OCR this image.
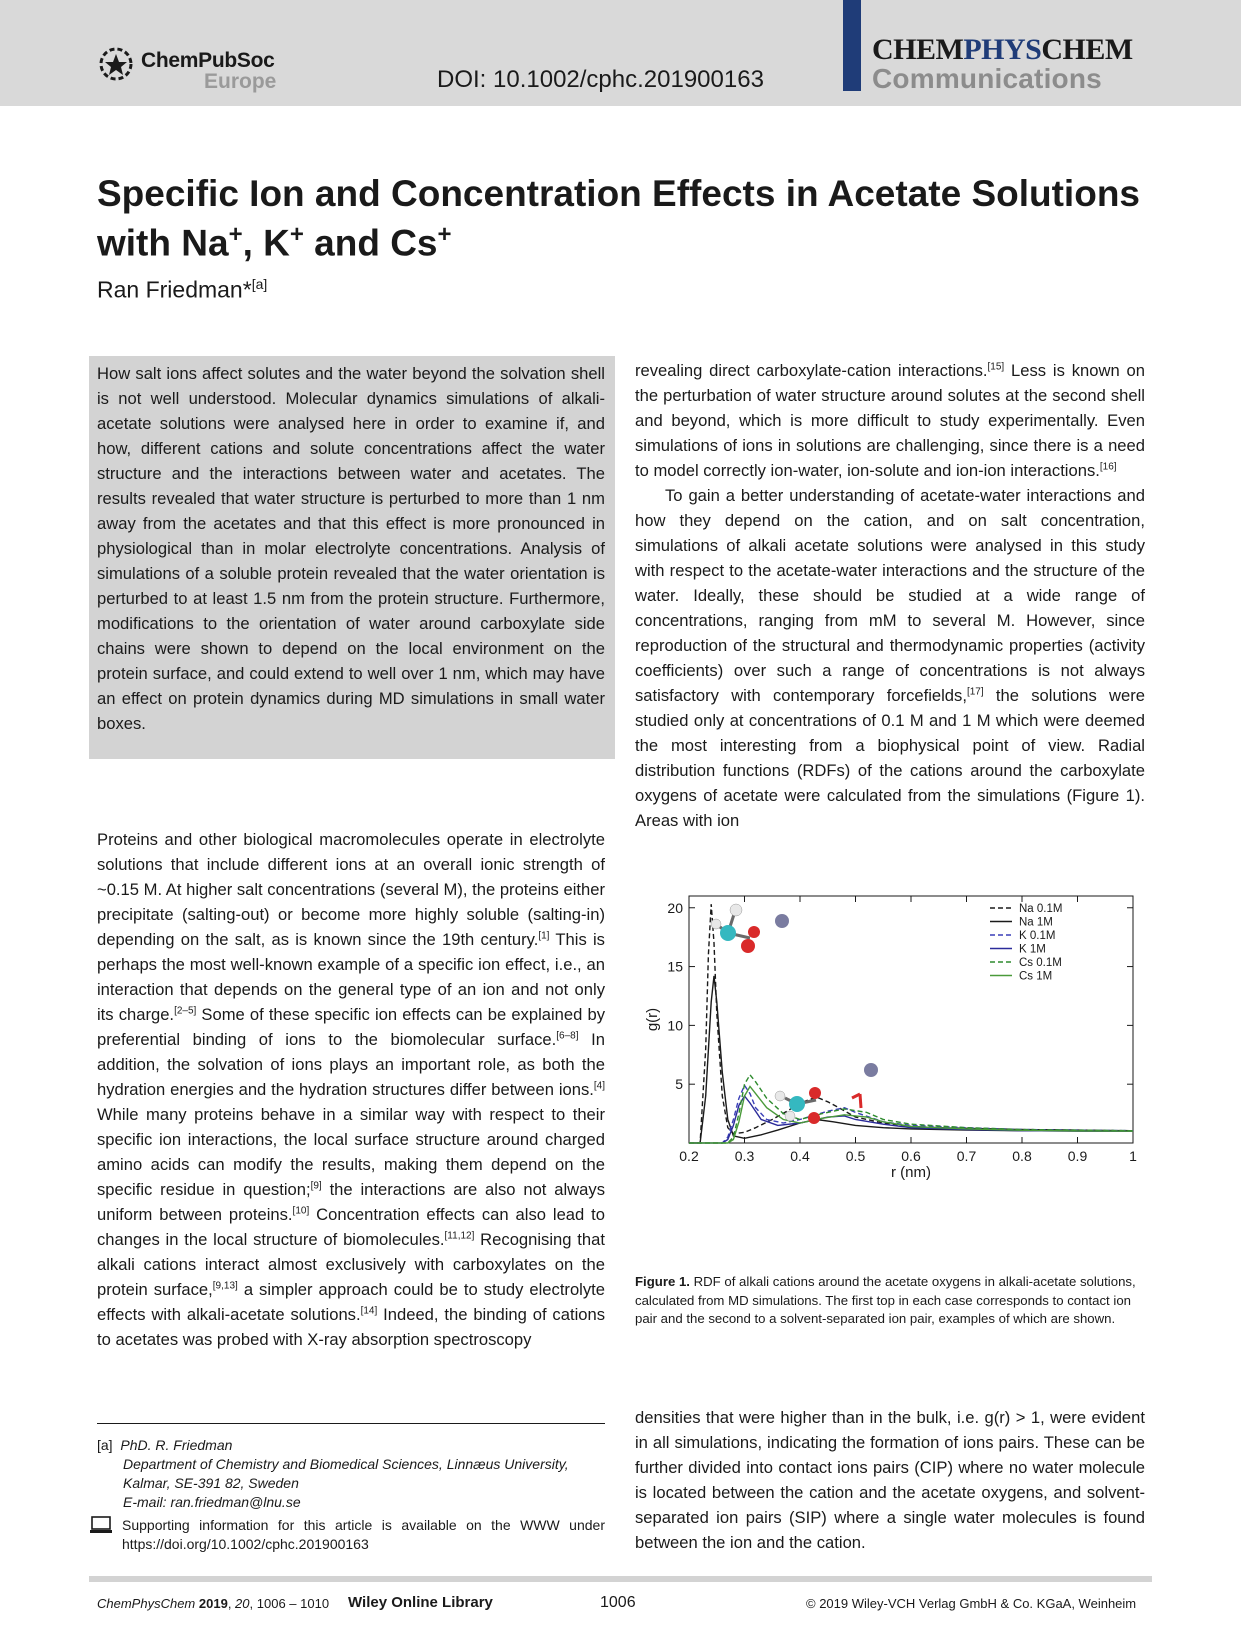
ChemPubSoc
Europe	DOI: 10.1002/cphc.201900163
CHEMPHYSCHEM
Communications
Specific Ion and Concentration Effects in Acetate Solutions
with Na+, K+ and Cs+
Ran Friedman*[a]
How salt ions affect solutes and the water beyond the solvation shell is not well understood. Molecular dynamics simulations of alkali-acetate solutions were analysed here in order to examine if, and how, different cations and solute concentrations affect the water structure and the interactions between water and acetates. The results revealed that water structure is perturbed to more than 1 nm away from the acetates and that this effect is more pronounced in physiological than in molar electrolyte concentrations. Analysis of simulations of a soluble protein revealed that the water orientation is perturbed to at least 1.5 nm from the protein structure. Furthermore, modifications to the orientation of water around carboxylate side chains were shown to depend on the local environment on the protein surface, and could extend to well over 1 nm, which may have an effect on protein dynamics during MD simulations in small water boxes.

Proteins and other biological macromolecules operate in electrolyte solutions that include different ions at an overall ionic strength of ~0.15 M. At higher salt concentrations (several M), the proteins either precipitate (salting-out) or become more highly soluble (salting-in) depending on the salt, as is known since the 19th century.[1] This is perhaps the most well-known example of a specific ion effect, i.e., an interaction that depends on the general type of an ion and not only its charge.[2–5] Some of these specific ion effects can be explained by preferential binding of ions to the biomolecular surface.[6–8] In addition, the solvation of ions plays an important role, as both the hydration energies and the hydration structures differ between ions.[4] While many proteins behave in a similar way with respect to their specific ion interactions, the local surface structure around charged amino acids can modify the results, making them depend on the specific residue in question;[9] the interactions are also not always uniform between proteins.[10] Concentration effects can also lead to changes in the local structure of biomolecules.[11,12] Recognising that alkali cations interact almost exclusively with carboxylates on the protein surface,[9,13] a simpler approach could be to study electrolyte effects with alkali-acetate solutions.[14] Indeed, the binding of cations to acetates was probed with X-ray absorption spectroscopy

[a] PhD. R. Friedman
Department of Chemistry and Biomedical Sciences, Linnæus University, Kalmar, SE-391 82, Sweden
E-mail: ran.friedman@lnu.se
Supporting information for this article is available on the WWW under https://doi.org/10.1002/cphc.201900163

revealing direct carboxylate-cation interactions.[15] Less is known on the perturbation of water structure around solutes at the second shell and beyond, which is more difficult to study experimentally. Even simulations of ions in solutions are challenging, since there is a need to model correctly ion-water, ion-solute and ion-ion interactions.[16]

To gain a better understanding of acetate-water interactions and how they depend on the cation, and on salt concentration, simulations of alkali acetate solutions were analysed in this study with respect to the acetate-water interactions and the structure of the water. Ideally, these should be studied at a wide range of concentrations, ranging from mM to several M. However, since reproduction of the structural and thermodynamic properties (activity coefficients) over such a range of concentrations is not always satisfactory with contemporary forcefields,[17] the solutions were studied only at concentrations of 0.1 M and 1 M which were deemed the most interesting from a biophysical point of view. Radial distribution functions (RDFs) of the cations around the carboxylate oxygens of acetate were calculated from the simulations (Figure 1). Areas with ion

0.2	0.3	0.4	0.5	0.6	0.7	0.8	0.9	1
5
10
15
20
r (nm)
g(r)
Na 0.1M
Na 1M
K 0.1M
K 1M
Cs 0.1M
Cs 1M
Figure 1. RDF of alkali cations around the acetate oxygens in alkali-acetate solutions, calculated from MD simulations. The first top in each case corresponds to contact ion pair and the second to a solvent-separated ion pair, examples of which are shown.

densities that were higher than in the bulk, i.e. g(r) > 1, were evident in all simulations, indicating the formation of ions pairs. These can be further divided into contact ions pairs (CIP) where no water molecule is located between the cation and the acetate oxygens, and solvent-separated ion pairs (SIP) where a single water molecules is found between the ion and the cation.

ChemPhysChem 2019, 20, 1006 – 1010 Wiley Online Library	1006	© 2019 Wiley-VCH Verlag GmbH & Co. KGaA, Weinheim
